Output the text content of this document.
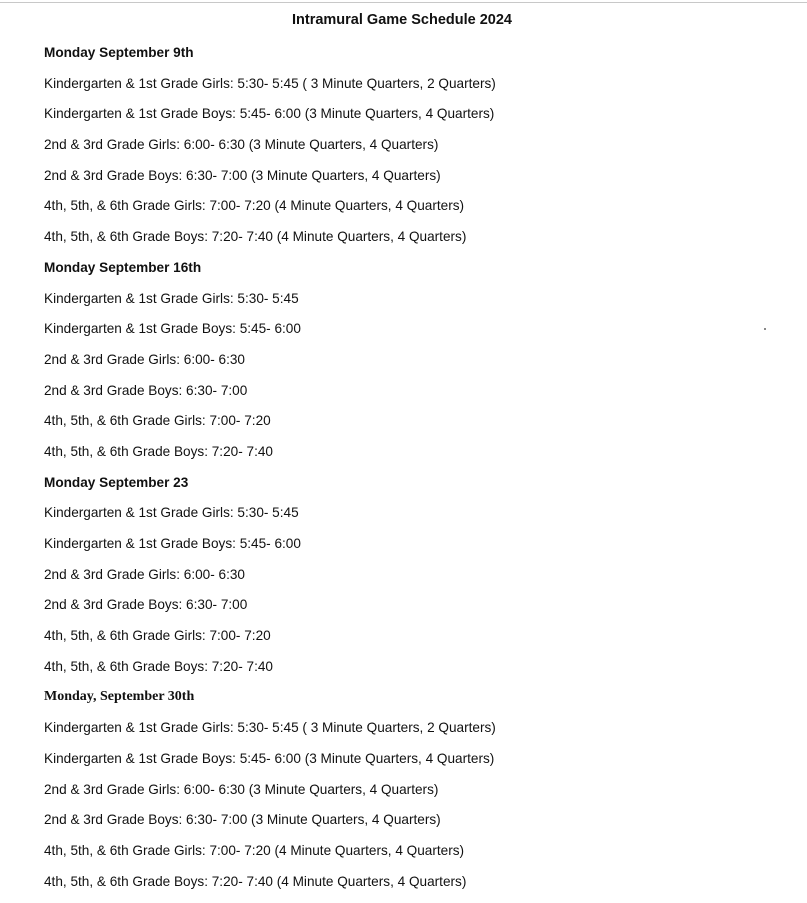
Intramural Game Schedule 2024
Monday September 9th
Kindergarten & 1st Grade Girls: 5:30- 5:45 ( 3 Minute Quarters, 2 Quarters)
Kindergarten & 1st Grade Boys: 5:45- 6:00 (3 Minute Quarters, 4 Quarters)
2nd & 3rd Grade Girls: 6:00- 6:30 (3 Minute Quarters, 4 Quarters)
2nd & 3rd Grade Boys: 6:30- 7:00 (3 Minute Quarters, 4 Quarters)
4th, 5th, & 6th Grade Girls: 7:00- 7:20 (4 Minute Quarters, 4 Quarters)
4th, 5th, & 6th Grade Boys: 7:20- 7:40 (4 Minute Quarters, 4 Quarters)
Monday September 16th
Kindergarten & 1st Grade Girls: 5:30- 5:45
Kindergarten & 1st Grade Boys: 5:45- 6:00
2nd & 3rd Grade Girls: 6:00- 6:30
2nd & 3rd Grade Boys: 6:30- 7:00
4th, 5th, & 6th Grade Girls: 7:00- 7:20
4th, 5th, & 6th Grade Boys: 7:20- 7:40
Monday September 23
Kindergarten & 1st Grade Girls: 5:30- 5:45
Kindergarten & 1st Grade Boys: 5:45- 6:00
2nd & 3rd Grade Girls: 6:00- 6:30
2nd & 3rd Grade Boys: 6:30- 7:00
4th, 5th, & 6th Grade Girls: 7:00- 7:20
4th, 5th, & 6th Grade Boys: 7:20- 7:40
Monday, September 30th
Kindergarten & 1st Grade Girls: 5:30- 5:45 ( 3 Minute Quarters, 2 Quarters)
Kindergarten & 1st Grade Boys: 5:45- 6:00 (3 Minute Quarters, 4 Quarters)
2nd & 3rd Grade Girls: 6:00- 6:30 (3 Minute Quarters, 4 Quarters)
2nd & 3rd Grade Boys: 6:30- 7:00 (3 Minute Quarters, 4 Quarters)
4th, 5th, & 6th Grade Girls: 7:00- 7:20 (4 Minute Quarters, 4 Quarters)
4th, 5th, & 6th Grade Boys: 7:20- 7:40 (4 Minute Quarters, 4 Quarters)
